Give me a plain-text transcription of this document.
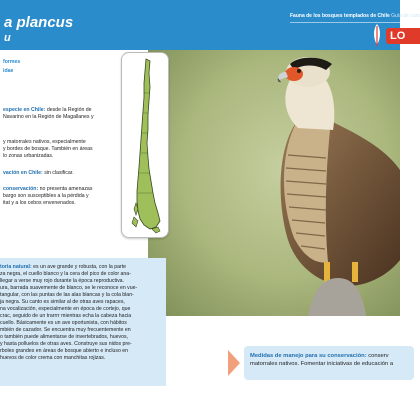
a plancus
u
Fauna de los bosques templados de Chile Guía de cam
LO
formes
idae
especie en Chile: desde la Región de
Navarino en la Región de Magallanes y
y matorrales nativos, especialmente
y bordes de bosque. También en áreas
lo zonas urbanizadas.
vación en Chile: sin clasificar.
conservación: no presenta amenazas
bargo son susceptibles a la pérdida y
itat y a los cebos envenenados.
toria natural: es un ave grande y robusta, con la parte
za negra, el cuello blanco y la cera del pico de color ana-
llegar a verse muy rojo durante la época reproductiva.
ura, barrada suavemente de blanco, se le reconoce en vue-
tangular, con las puntas de las alas blancas y la cola blan-
ja negra. Su canto es similar al de otras aves rapaces,
na vocalización, especialmente en época de cortejo, que
crac, seguido de un trarrrr mientras echa la cabeza hacia
cuello. Básicamente es un ave oportunista, con hábitos
mbién de cazador. Se encuentra muy frecuentemente en
o también puede alimentarse de invertebrados, huevos,
y hasta polluelos de otras aves. Construye sus nidos pre-
rboles grandes en áreas de bosque abierto e incluso en
huevos de color crema con manchitas rojizas.	Medidas de manejo para su conservación: conserv
matorrales nativos. Fomentar iniciativas de educación a
